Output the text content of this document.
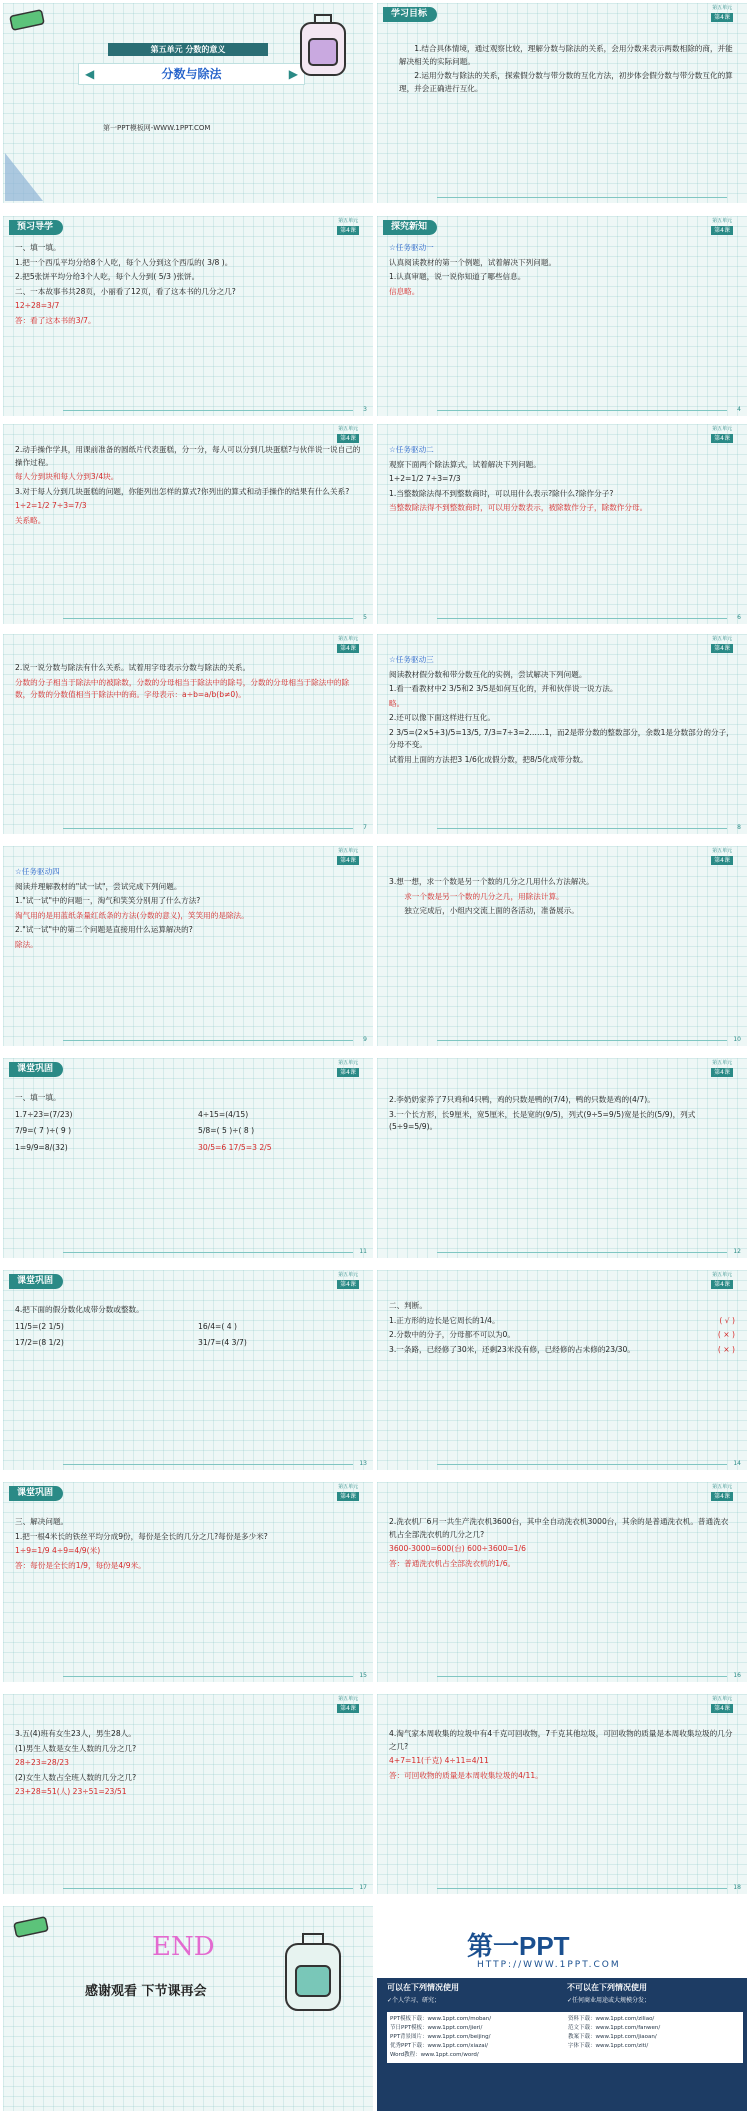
第五单元 分数的意义
◀	分数与除法	▶
第一PPT模板网-WWW.1PPT.COM
学习目标

1.结合具体情境，通过观察比较，理解分数与除法的关系，会用分数来表示两数相除的商，并能解决相关的实际问题。

2.运用分数与除法的关系，探索假分数与带分数的互化方法，初步体会假分数与带分数互化的算理，并会正确进行互化。

第五单元
第4课
预习导学
第五单元
第4课

一、填一填。

1.把一个西瓜平均分给8个人吃，每个人分到这个西瓜的( 3/8 )。

2.把5张饼平均分给3个人吃，每个人分到( 5/3 )张饼。

二、一本故事书共28页，小丽看了12页，看了这本书的几分之几?

12÷28=3/7

答：看了这本书的3/7。

3
探究新知
第五单元
第4课

☆任务驱动一

认真阅读教材的第一个例题，试着解决下列问题。

1.认真审题，说一说你知道了哪些信息。

信息略。

4
第五单元
第4课

2.动手操作学具，用课前准备的圆纸片代表蛋糕，分一分，每人可以分到几块蛋糕?与伙伴说一说自己的操作过程。

每人分到块和每人分到3/4块。

3.对于每人分到几块蛋糕的问题，你能列出怎样的算式?你列出的算式和动手操作的结果有什么关系?

1÷2=1/2 7÷3=7/3

关系略。

5
第五单元
第4课

☆任务驱动二

观察下面两个除法算式，试着解决下列问题。

1÷2=1/2 7÷3=7/3

1.当整数除法得不到整数商时，可以用什么表示?除什么?除作分子?

当整数除法得不到整数商时，可以用分数表示，被除数作分子，除数作分母。

6
第五单元
第4课

2.说一说分数与除法有什么关系。试着用字母表示分数与除法的关系。

分数的分子相当于除法中的被除数，分数的分母相当于除法中的除号，分数的分母相当于除法中的除数，分数的分数值相当于除法中的商。字母表示：a÷b=a/b(b≠0)。

7
第五单元
第4课

☆任务驱动三

阅读教材假分数和带分数互化的实例，尝试解决下列问题。

1.看一看教材中2 3/5和2 3/5是如何互化的，并和伙伴说一说方法。

略。

2.还可以像下面这样进行互化。

2 3/5=(2×5+3)/5=13/5, 7/3=7÷3=2……1，而2是带分数的整数部分，余数1是分数部分的分子，分母不变。

试着用上面的方法把3 1/6化成假分数，把8/5化成带分数。

8
第五单元
第4课

☆任务驱动四

阅读并理解教材的"试一试"，尝试完成下列问题。

1."试一试"中的问题一，淘气和笑笑分别用了什么方法?

淘气用的是用蓝纸条量红纸条的方法(分数的意义)，笑笑用的是除法。

2."试一试"中的第二个问题是直接用什么运算解决的?

除法。

9
第五单元
第4课

3.想一想，求一个数是另一个数的几分之几用什么方法解决。

求一个数是另一个数的几分之几，用除法计算。

独立完成后，小组内交流上面的各活动，准备展示。

10
课堂巩固
第五单元
第4课

一、填一填。

1.7÷23=(7/23)	4÷15=(4/15)
7/9=( 7 )÷( 9 )	5/8=( 5 )÷( 8 )
1=9/9=8/(32)	30/5=6 17/5=3 2/5
11
第五单元
第4课

2.李奶奶家养了7只鸡和4只鸭，鸡的只数是鸭的(7/4)，鸭的只数是鸡的(4/7)。

3.一个长方形，长9厘米，宽5厘米，长是宽的(9/5)，列式(9÷5=9/5)宽是长的(5/9)，列式(5÷9=5/9)。

12
课堂巩固
第五单元
第4课

4.把下面的假分数化成带分数或整数。

11/5=(2 1/5)	16/4=( 4 )
17/2=(8 1/2)	31/7=(4 3/7)
13
第五单元
第4课

二、判断。

1.正方形的边长是它周长的1/4。	( √ )

2.分数中的分子，分母都不可以为0。	( × )

3.一条路，已经修了30米，还剩23米没有修，已经修的占未修的23/30。	( × )

14
课堂巩固
第五单元
第4课

三、解决问题。

1.把一根4米长的铁丝平均分成9份，每份是全长的几分之几?每份是多少米?

1÷9=1/9 4÷9=4/9(米)

答：每份是全长的1/9，每份是4/9米。

15
第五单元
第4课

2.洗衣机厂6月一共生产洗衣机3600台，其中全自动洗衣机3000台，其余的是普通洗衣机。普通洗衣机占全部洗衣机的几分之几?

3600-3000=600(台) 600÷3600=1/6

答：普通洗衣机占全部洗衣机的1/6。

16
第五单元
第4课

3.五(4)班有女生23人，男生28人。

(1)男生人数是女生人数的几分之几?

28÷23=28/23

(2)女生人数占全班人数的几分之几?

23+28=51(人) 23÷51=23/51

17
第五单元
第4课

4.淘气家本周收集的垃圾中有4千克可回收物，7千克其他垃圾，可回收物的质量是本周收集垃圾的几分之几?

4+7=11(千克) 4÷11=4/11

答：可回收物的质量是本周收集垃圾的4/11。

18
END
感谢观看 下节课再会
第一PPT
HTTP://WWW.1PPT.COM
可以在下列情况使用	不可以在下列情况使用
✓个人学习、研究；	✓任何商业用途或大规模分发；
PPT模板下载：www.1ppt.com/moban/
节日PPT模板：www.1ppt.com/jieri/
PPT背景图片：www.1ppt.com/beijing/
优秀PPT下载：www.1ppt.com/xiazai/
Word教程：www.1ppt.com/word/
资料下载：www.1ppt.com/ziliao/
范文下载：www.1ppt.com/fanwen/
教案下载：www.1ppt.com/jiaoan/
字体下载：www.1ppt.com/ziti/
